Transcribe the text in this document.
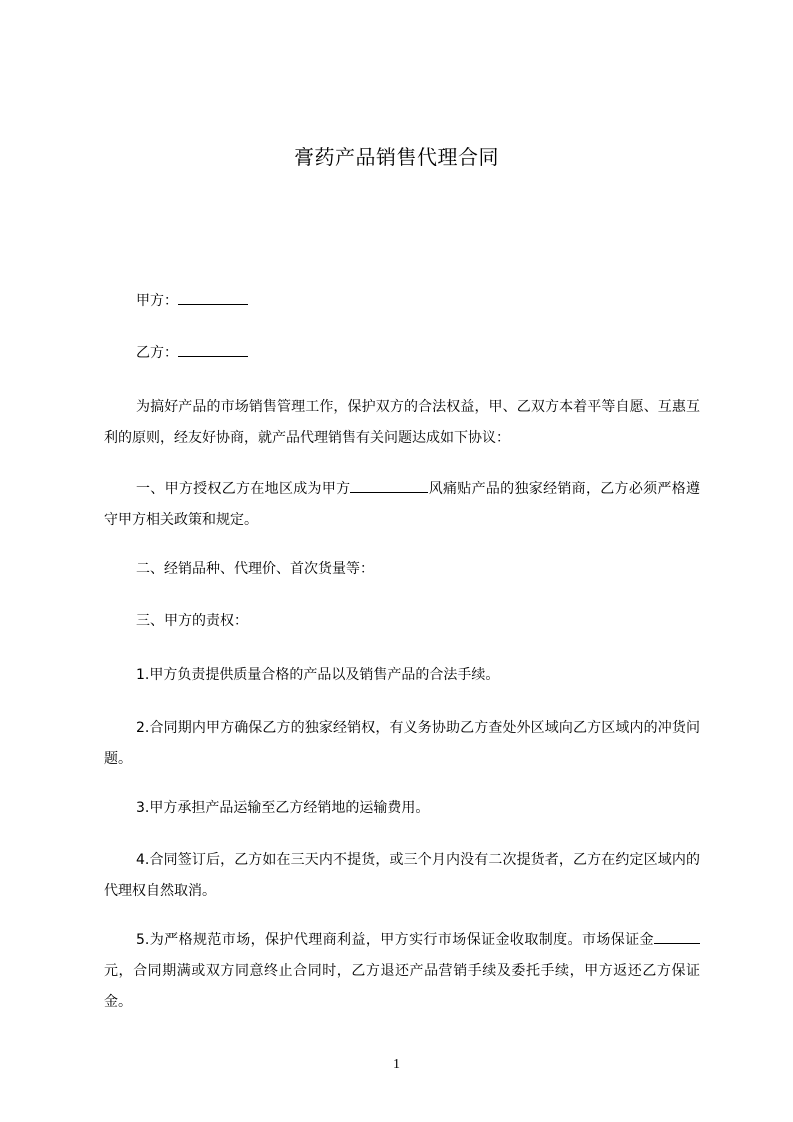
膏药产品销售代理合同
甲方：
乙方：
为搞好产品的市场销售管理工作，保护双方的合法权益，甲、乙双方本着平等自愿、互惠互利的原则，经友好协商，就产品代理销售有关问题达成如下协议：
一、甲方授权乙方在地区成为甲方	风痛贴产品的独家经销商，乙方必须严格遵守甲方相关政策和规定。
二、经销品种、代理价、首次货量等：
三、甲方的责权：
1.甲方负责提供质量合格的产品以及销售产品的合法手续。
2.合同期内甲方确保乙方的独家经销权，有义务协助乙方查处外区域向乙方区域内的冲货问题。
3.甲方承担产品运输至乙方经销地的运输费用。
4.合同签订后，乙方如在三天内不提货，或三个月内没有二次提货者，乙方在约定区域内的代理权自然取消。
5.为严格规范市场，保护代理商利益，甲方实行市场保证金收取制度。市场保证金元，合同期满或双方同意终止合同时，乙方退还产品营销手续及委托手续，甲方返还乙方保证金。
1
